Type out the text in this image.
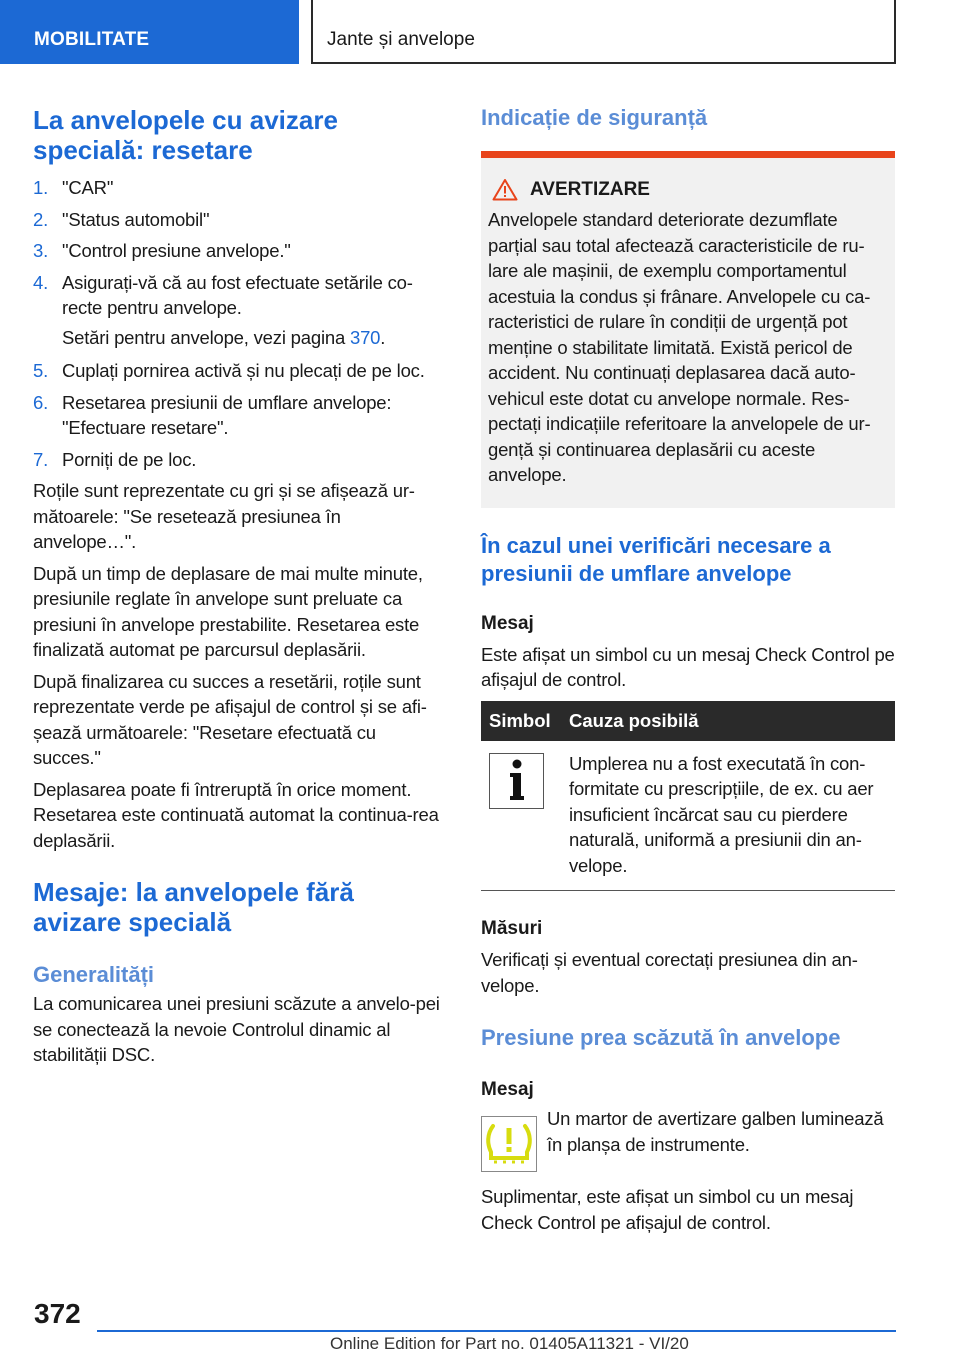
MOBILITATE	Jante și anvelope
La anvelopele cu avizare specială: resetare
1. "CAR"
2. "Status automobil"
3. "Control presiune anvelope."
4. Asigurați-vă că au fost efectuate setările co-recte pentru anvelope.

Setări pentru anvelope, vezi pagina 370.

5. Cuplați pornirea activă și nu plecați de pe loc.
6. Resetarea presiunii de umflare anvelope: "Efectuare resetare".
7. Porniți de pe loc.

Roțile sunt reprezentate cu gri și se afișează ur-mătoarele: "Se resetează presiunea în anvelope…".

După un timp de deplasare de mai multe minute, presiunile reglate în anvelope sunt preluate ca presiuni în anvelope prestabilite. Resetarea este finalizată automat pe parcursul deplasării.

După finalizarea cu succes a resetării, roțile sunt reprezentate verde pe afișajul de control și se afi-șează următoarele: "Resetare efectuată cu succes."

Deplasarea poate fi întreruptă în orice moment. Resetarea este continuată automat la continua-rea deplasării.

Mesaje: la anvelopele fără avizare specială
Generalități

La comunicarea unei presiuni scăzute a anvelo-pei se conectează la nevoie Controlul dinamic al stabilității DSC.

Indicație de siguranță
AVERTIZARE

Anvelopele standard deteriorate dezumflate parțial sau total afectează caracteristicile de ru-lare ale mașinii, de exemplu comportamentul acestuia la condus și frânare. Anvelopele cu ca-racteristici de rulare în condiții de urgență pot menține o stabilitate limitată. Există pericol de accident. Nu continuați deplasarea dacă auto-vehicul este dotat cu anvelope normale. Res-pectați indicațiile referitoare la anvelopele de ur-gență și continuarea deplasării cu aceste anvelope.

În cazul unei verificări necesare a presiunii de umflare anvelope
Mesaj

Este afișat un simbol cu un mesaj Check Control pe afișajul de control.

Simbol	Cauza posibilă

	Umplerea nu a fost executată în con-formitate cu prescripțiile, de ex. cu aer insuficient încărcat sau cu pierdere naturală, uniformă a presiunii din an-velope.
Măsuri

Verificați și eventual corectați presiunea din an-velope.

Presiune prea scăzută în anvelope
Mesaj

Un martor de avertizare galben luminează în planșa de instrumente.

Suplimentar, este afișat un simbol cu un mesaj Check Control pe afișajul de control.

372
Online Edition for Part no. 01405A11321 - VI/20
